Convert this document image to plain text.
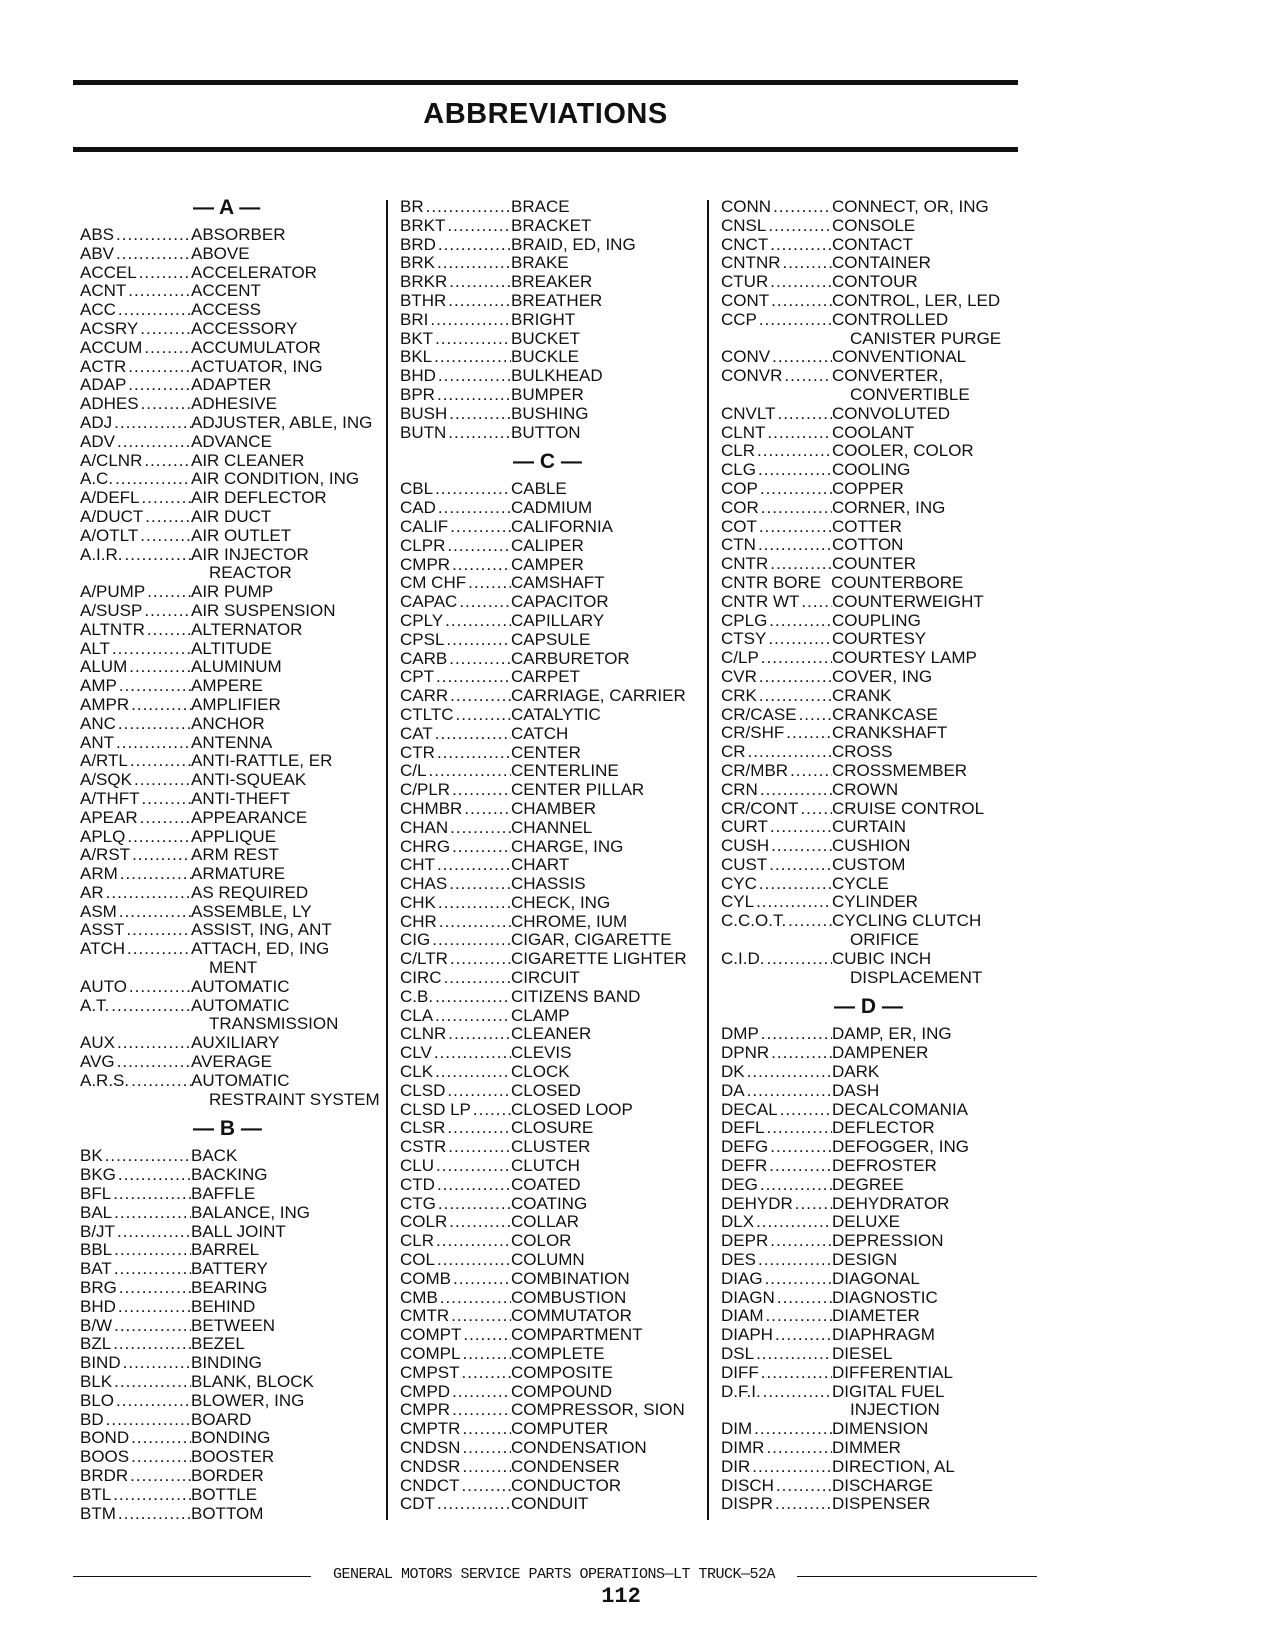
ABBREVIATIONS
— A —
ABS .....	ABSORBER
ABV .....	ABOVE
ACCEL .....	ACCELERATOR
ACNT .....	ACCENT
ACC .....	ACCESS
ACSRY .....	ACCESSORY
ACCUM .....	ACCUMULATOR
ACTR .....	ACTUATOR, ING
ADAP .....	ADAPTER
ADHES .....	ADHESIVE
ADJ .....	ADJUSTER, ABLE, ING
ADV .....	ADVANCE
A/CLNR .....	AIR CLEANER
A.C. .....	AIR CONDITION, ING
A/DEFL .....	AIR DEFLECTOR
A/DUCT .....	AIR DUCT
A/OTLT .....	AIR OUTLET
A.I.R. .....	AIR INJECTOR
REACTOR
A/PUMP .....	AIR PUMP
A/SUSP .....	AIR SUSPENSION
ALTNTR .....	ALTERNATOR
ALT .....	ALTITUDE
ALUM .....	ALUMINUM
AMP .....	AMPERE
AMPR .....	AMPLIFIER
ANC .....	ANCHOR
ANT .....	ANTENNA
A/RTL .....	ANTI-RATTLE, ER
A/SQK .....	ANTI-SQUEAK
A/THFT .....	ANTI-THEFT
APEAR .....	APPEARANCE
APLQ .....	APPLIQUE
A/RST .....	ARM REST
ARM .....	ARMATURE
AR .....	AS REQUIRED
ASM .....	ASSEMBLE, LY
ASST .....	ASSIST, ING, ANT
ATCH .....	ATTACH, ED, ING
MENT
AUTO .....	AUTOMATIC
A.T. .....	AUTOMATIC
TRANSMISSION
AUX .....	AUXILIARY
AVG .....	AVERAGE
A.R.S. .....	AUTOMATIC
RESTRAINT SYSTEM
— B —
BK .....	BACK
BKG .....	BACKING
BFL .....	BAFFLE
BAL .....	BALANCE, ING
B/JT .....	BALL JOINT
BBL .....	BARREL
BAT .....	BATTERY
BRG .....	BEARING
BHD .....	BEHIND
B/W .....	BETWEEN
BZL .....	BEZEL
BIND .....	BINDING
BLK .....	BLANK, BLOCK
BLO .....	BLOWER, ING
BD .....	BOARD
BOND .....	BONDING
BOOS .....	BOOSTER
BRDR .....	BORDER
BTL .....	BOTTLE
BTM .....	BOTTOM
BR .....	BRACE
BRKT .....	BRACKET
BRD .....	BRAID, ED, ING
BRK .....	BRAKE
BRKR .....	BREAKER
BTHR .....	BREATHER
BRI .....	BRIGHT
BKT .....	BUCKET
BKL .....	BUCKLE
BHD .....	BULKHEAD
BPR .....	BUMPER
BUSH .....	BUSHING
BUTN .....	BUTTON
— C —
CBL .....	CABLE
CAD .....	CADMIUM
CALIF .....	CALIFORNIA
CLPR .....	CALIPER
CMPR .....	CAMPER
CM CHF .....	CAMSHAFT
CAPAC .....	CAPACITOR
CPLY .....	CAPILLARY
CPSL .....	CAPSULE
CARB .....	CARBURETOR
CPT .....	CARPET
CARR .....	CARRIAGE, CARRIER
CTLTC .....	CATALYTIC
CAT .....	CATCH
CTR .....	CENTER
C/L .....	CENTERLINE
C/PLR .....	CENTER PILLAR
CHMBR .....	CHAMBER
CHAN .....	CHANNEL
CHRG .....	CHARGE, ING
CHT .....	CHART
CHAS .....	CHASSIS
CHK .....	CHECK, ING
CHR .....	CHROME, IUM
CIG .....	CIGAR, CIGARETTE
C/LTR .....	CIGARETTE LIGHTER
CIRC .....	CIRCUIT
C.B. .....	CITIZENS BAND
CLA .....	CLAMP
CLNR .....	CLEANER
CLV .....	CLEVIS
CLK .....	CLOCK
CLSD .....	CLOSED
CLSD LP .....	CLOSED LOOP
CLSR .....	CLOSURE
CSTR .....	CLUSTER
CLU .....	CLUTCH
CTD .....	COATED
CTG .....	COATING
COLR .....	COLLAR
CLR .....	COLOR
COL .....	COLUMN
COMB .....	COMBINATION
CMB .....	COMBUSTION
CMTR .....	COMMUTATOR
COMPT .....	COMPARTMENT
COMPL .....	COMPLETE
CMPST .....	COMPOSITE
CMPD .....	COMPOUND
CMPR .....	COMPRESSOR, SION
CMPTR .....	COMPUTER
CNDSN .....	CONDENSATION
CNDSR .....	CONDENSER
CNDCT .....	CONDUCTOR
CDT .....	CONDUIT
CONN .....	CONNECT, OR, ING
CNSL .....	CONSOLE
CNCT .....	CONTACT
CNTNR .....	CONTAINER
CTUR .....	CONTOUR
CONT .....	CONTROL, LER, LED
CCP .....	CONTROLLED
CANISTER PURGE
CONV .....	CONVENTIONAL
CONVR .....	CONVERTER,
CONVERTIBLE
CNVLT .....	CONVOLUTED
CLNT .....	COOLANT
CLR .....	COOLER, COLOR
CLG .....	COOLING
COP .....	COPPER
COR .....	CORNER, ING
COT .....	COTTER
CTN .....	COTTON
CNTR .....	COUNTER
CNTR BORE COUNTERBORE
CNTR WT .....	COUNTERWEIGHT
CPLG .....	COUPLING
CTSY .....	COURTESY
C/LP .....	COURTESY LAMP
CVR .....	COVER, ING
CRK .....	CRANK
CR/CASE .....	CRANKCASE
CR/SHF .....	CRANKSHAFT
CR .....	CROSS
CR/MBR .....	CROSSMEMBER
CRN .....	CROWN
CR/CONT .....	CRUISE CONTROL
CURT .....	CURTAIN
CUSH .....	CUSHION
CUST .....	CUSTOM
CYC .....	CYCLE
CYL .....	CYLINDER
C.C.O.T. .....	CYCLING CLUTCH
ORIFICE
C.I.D. .....	CUBIC INCH
DISPLACEMENT
— D —
DMP .....	DAMP, ER, ING
DPNR .....	DAMPENER
DK .....	DARK
DA .....	DASH
DECAL .....	DECALCOMANIA
DEFL .....	DEFLECTOR
DEFG .....	DEFOGGER, ING
DEFR .....	DEFROSTER
DEG .....	DEGREE
DEHYDR .....	DEHYDRATOR
DLX .....	DELUXE
DEPR .....	DEPRESSION
DES .....	DESIGN
DIAG .....	DIAGONAL
DIAGN .....	DIAGNOSTIC
DIAM .....	DIAMETER
DIAPH .....	DIAPHRAGM
DSL .....	DIESEL
DIFF .....	DIFFERENTIAL
D.F.I. .....	DIGITAL FUEL
INJECTION
DIM .....	DIMENSION
DIMR .....	DIMMER
DIR .....	DIRECTION, AL
DISCH .....	DISCHARGE
DISPR .....	DISPENSER
GENERAL MOTORS SERVICE PARTS OPERATIONS—LT TRUCK—52A
112
